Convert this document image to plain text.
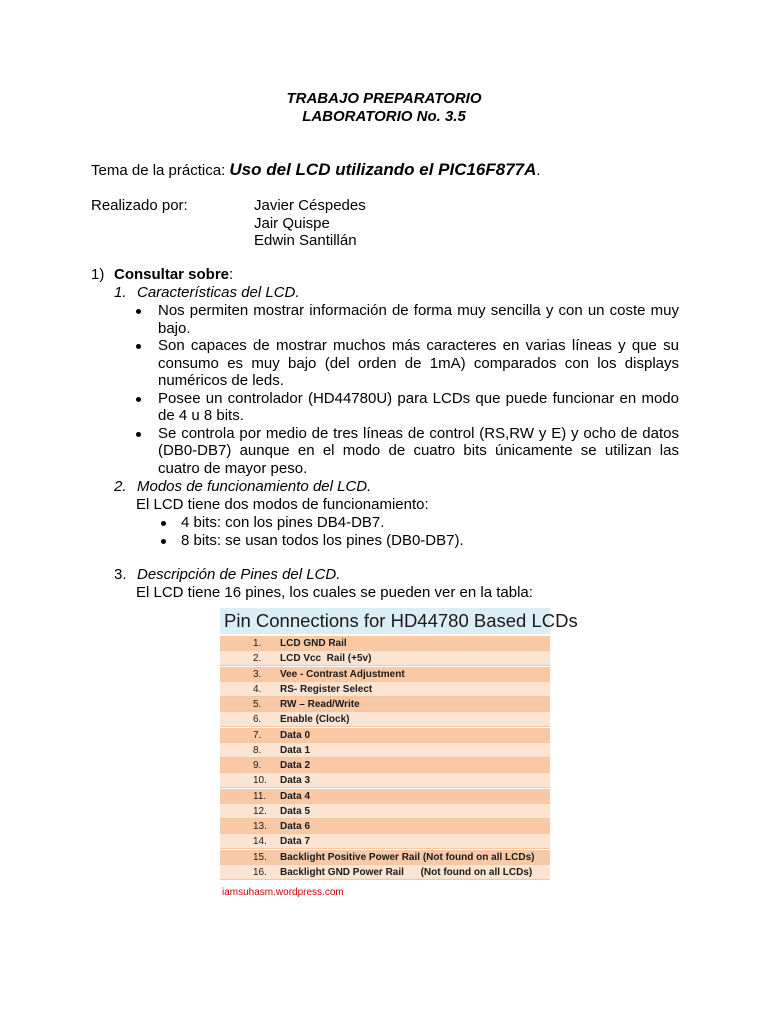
TRABAJO PREPARATORIO
LABORATORIO No. 3.5
Tema de la práctica: Uso del LCD utilizando el PIC16F877A.
Realizado por:	Javier Céspedes
Jair Quispe
Edwin Santillán
1) Consultar sobre:
1. Características del LCD.
Nos permiten mostrar información de forma muy sencilla y con un coste muy bajo.
Son capaces de mostrar muchos más caracteres en varias líneas y que su consumo es muy bajo (del orden de 1mA) comparados con los displays numéricos de leds.
Posee un controlador (HD44780U) para LCDs que puede funcionar en modo de 4 u 8 bits.
Se controla por medio de tres líneas de control (RS,RW y E) y ocho de datos (DB0-DB7) aunque en el modo de cuatro bits únicamente se utilizan las cuatro de mayor peso.
2. Modos de funcionamiento del LCD.
El LCD tiene dos modos de funcionamiento:
4 bits: con los pines DB4-DB7.
8 bits: se usan todos los pines (DB0-DB7).
3. Descripción de Pines del LCD.
El LCD tiene 16 pines, los cuales se pueden ver en la tabla:
Pin Connections for HD44780 Based LCDs
1. LCD GND Rail
2. LCD Vcc  Rail (+5v)
3. Vee - Contrast Adjustment
4. RS- Register Select
5. RW – Read/Write
6. Enable (Clock)
7. Data 0
8. Data 1
9. Data 2
10. Data 3
11. Data 4
12. Data 5
13. Data 6
14. Data 7
15. Backlight Positive Power Rail (Not found on all LCDs)
16. Backlight GND Power Rail      (Not found on all LCDs)
iamsuhasm.wordpress.com
